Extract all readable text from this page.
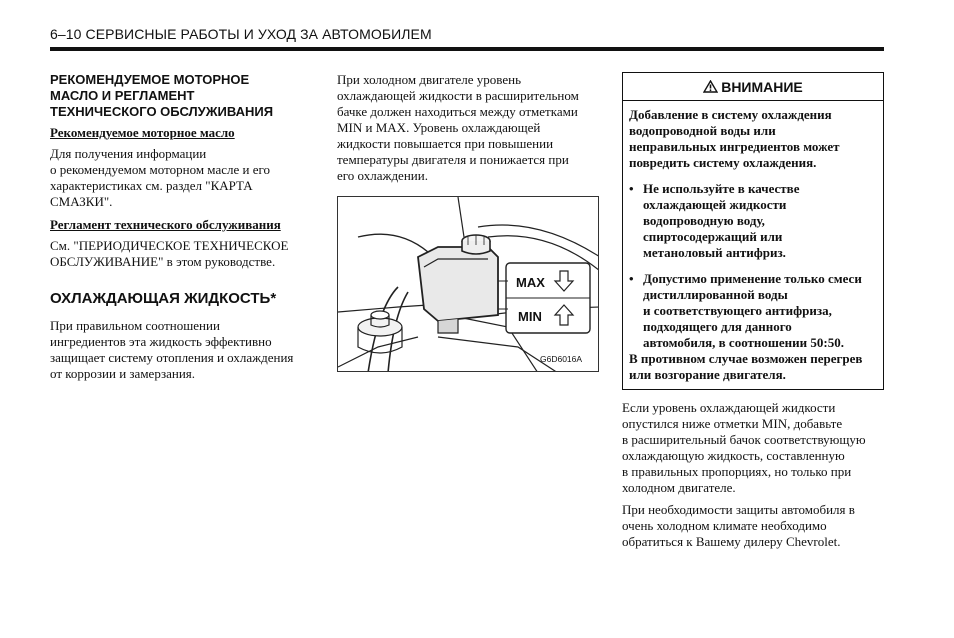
6–10 СЕРВИСНЫЕ РАБОТЫ И УХОД ЗА АВТОМОБИЛЕМ

РЕКОМЕНДУЕМОЕ МОТОРНОЕ
МАСЛО И РЕГЛАМЕНТ
ТЕХНИЧЕСКОГО ОБСЛУЖИВАНИЯ

Рекомендуемое моторное масло

Для получения информации
о рекомендуемом моторном масле и его
характеристиках см. раздел "КАРТА
СМАЗКИ".

Регламент технического обслуживания

См. "ПЕРИОДИЧЕСКОЕ ТЕХНИЧЕСКОЕ
ОБСЛУЖИВАНИЕ" в этом руководстве.

ОХЛАЖДАЮЩАЯ ЖИДКОСТЬ*

При правильном соотношении
ингредиентов эта жидкость эффективно
защищает систему отопления и охлаждения
от коррозии и замерзания.

При холодном двигателе уровень
охлаждающей жидкости в расширительном
бачке должен находиться между отметками
MIN и MAX. Уровень охлаждающей
жидкости повышается при повышении
температуры двигателя и понижается при
его охлаждении.

MAX
MIN
G6D6016A
ВНИМАНИЕ

Добавление в систему охлаждения
водопроводной воды или
неправильных ингредиентов может
повредить систему охлаждения.

• Не используйте в качестве
охлаждающей жидкости
водопроводную воду,
спиртосодержащий или
метаноловый антифриз.
• Допустимо применение только смеси
дистиллированной воды
и соответствующего антифриза,
подходящего для данного
автомобиля, в соотношении 50:50.

В противном случае возможен перегрев
или возгорание двигателя.

Если уровень охлаждающей жидкости
опустился ниже отметки MIN, добавьте
в расширительный бачок соответствующую
охлаждающую жидкость, составленную
в правильных пропорциях, но только при
холодном двигателе.

При необходимости защиты автомобиля в
очень холодном климате необходимо
обратиться к Вашему дилеру Chevrolet.
